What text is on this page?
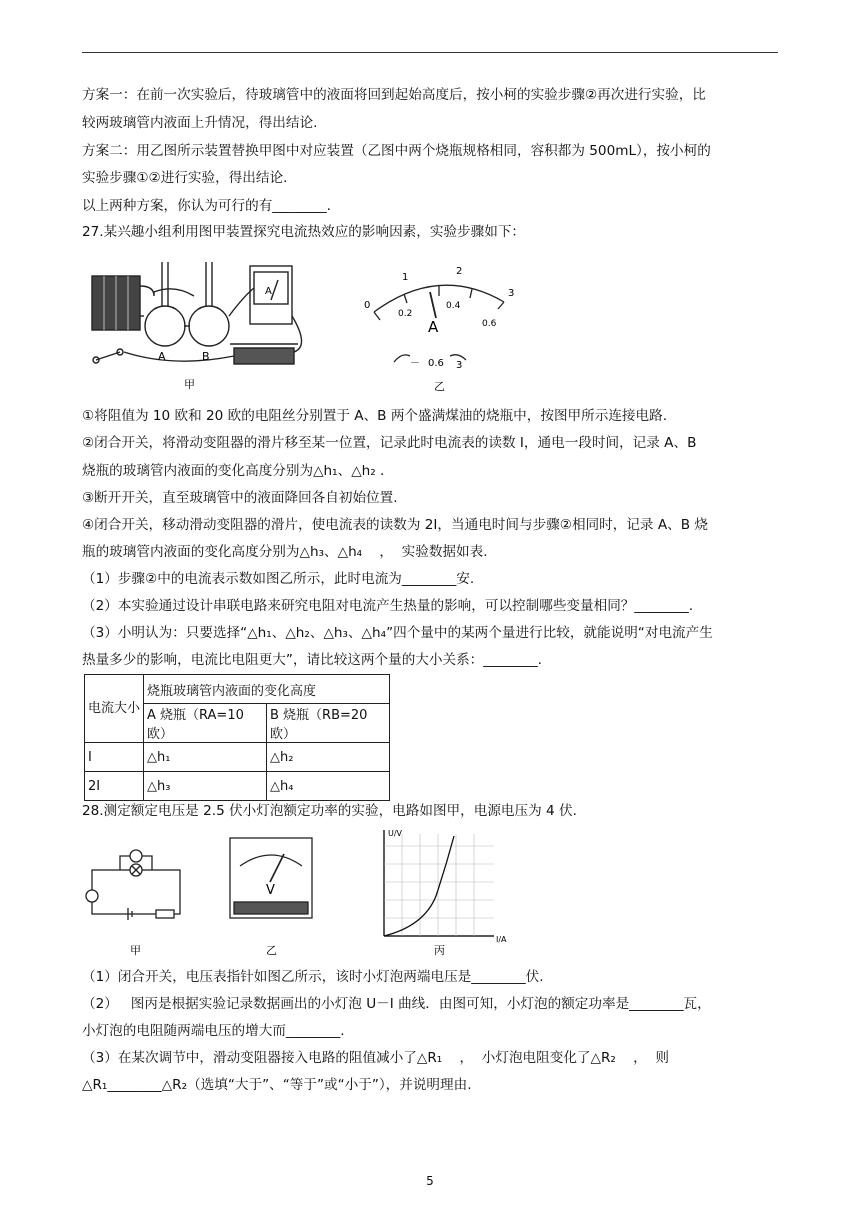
方案一：在前一次实验后，待玻璃管中的液面将回到起始高度后，按小柯的实验步骤②再次进行实验，比
较两玻璃管内液面上升情况，得出结论.
方案二：用乙图所示装置替换甲图中对应装置（乙图中两个烧瓶规格相同，容积都为 500mL），按小柯的
实验步骤①②进行实验，得出结论.
以上两种方案，你认为可行的有________.
27.某兴趣小组利用图甲装置探究电流热效应的影响因素，实验步骤如下：
A	B
A
甲
0
0.2
0.4
0.6
1
2
3
A
－ 0.6 3
乙
①将阻值为 10 欧和 20 欧的电阻丝分别置于 A、B 两个盛满煤油的烧瓶中，按图甲所示连接电路.
②闭合开关，将滑动变阻器的滑片移至某一位置，记录此时电流表的读数 I，通电一段时间，记录 A、B
烧瓶的玻璃管内液面的变化高度分别为△h₁、△h₂ .
③断开开关，直至玻璃管中的液面降回各自初始位置.
④闭合开关，移动滑动变阻器的滑片，使电流表的读数为 2I，当通电时间与步骤②相同时，记录 A、B 烧
瓶的玻璃管内液面的变化高度分别为△h₃、△h₄    ，  实验数据如表.
（1）步骤②中的电流表示数如图乙所示，此时电流为________安.
（2）本实验通过设计串联电路来研究电阻对电流产生热量的影响，可以控制哪些变量相同？________.
（3）小明认为：只要选择“△h₁、△h₂、△h₃、△h₄”四个量中的某两个量进行比较，就能说明“对电流产生
热量多少的影响，电流比电阻更大”，请比较这两个量的大小关系：________.
电流大小	烧瓶玻璃管内液面的变化高度	
	A 烧瓶（RA=10 欧）	B 烧瓶（RB=20 欧）
I	△h₁	△h₂
2I	△h₃	△h₄
28.测定额定电压是 2.5 伏小灯泡额定功率的实验，电路如图甲，电源电压为 4 伏.
U/V
I/A
V
甲	乙	丙
（1）闭合开关，电压表指针如图乙所示，该时小灯泡两端电压是________伏.
（2）   图丙是根据实验记录数据画出的小灯泡 U－I 曲线．由图可知，小灯泡的额定功率是________瓦，
小灯泡的电阻随两端电压的增大而________.
（3）在某次调节中，滑动变阻器接入电路的阻值减小了△R₁    ，  小灯泡电阻变化了△R₂    ，  则
△R₁________△R₂（选填“大于”、“等于”或“小于”），并说明理由.
5
